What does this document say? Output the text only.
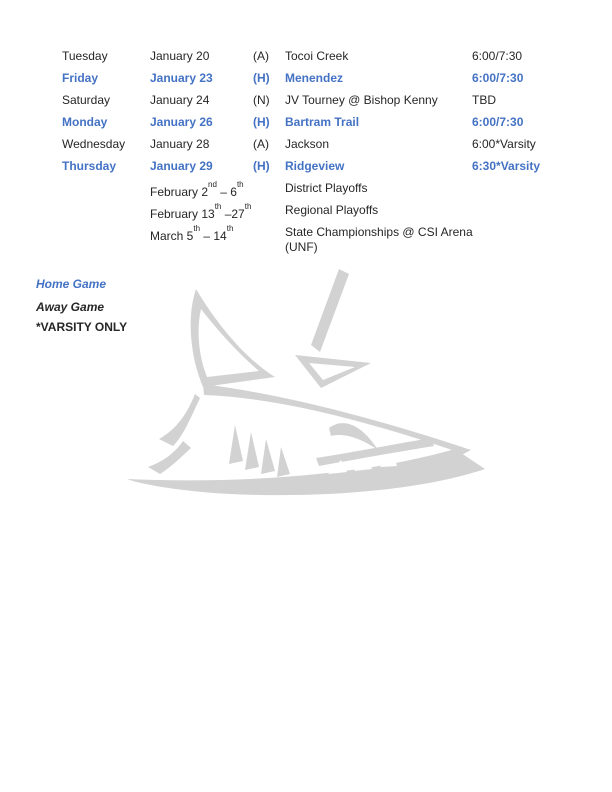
Tuesday	January 20	(A) Tocoi Creek	6:00/7:30
Friday	January 23	(H) Menendez	6:00/7:30
Saturday	January 24	(N) JV Tourney @ Bishop Kenny	TBD
Monday	January 26	(H) Bartram Trail	6:00/7:30
Wednesday January 28	(A) Jackson	6:00*Varsity
Thursday	January 29	(H) Ridgeview	6:30*Varsity
February 2nd – 6th	District Playoffs
February 13th –27th	Regional Playoffs
March 5th – 14th	State Championships @ CSI Arena
(UNF)
Home Game
Away Game
*VARSITY ONLY
